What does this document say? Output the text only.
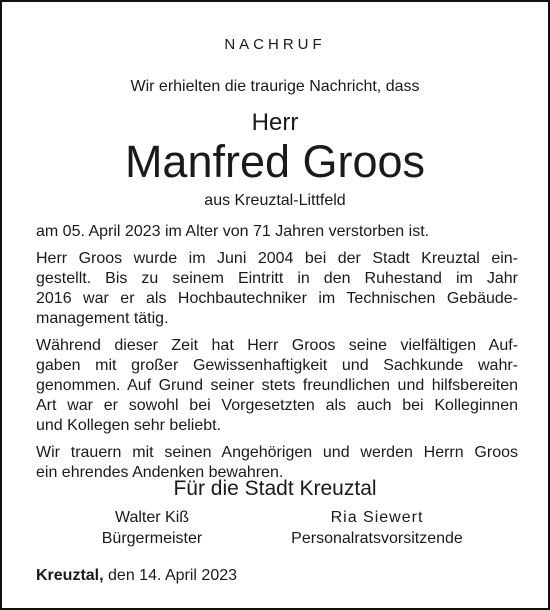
NACHRUF
Wir erhielten die traurige Nachricht, dass
Herr
Manfred Groos
aus Kreuztal-Littfeld

am 05. April 2023 im Alter von 71 Jahren verstorben ist.

Herr Groos wurde im Juni 2004 bei der Stadt Kreuztal ein-
gestellt. Bis zu seinem Eintritt in den Ruhestand im Jahr
2016 war er als Hochbautechniker im Technischen Gebäude-
management tätig.

Während dieser Zeit hat Herr Groos seine vielfältigen Auf-
gaben mit großer Gewissenhaftigkeit und Sachkunde wahr-
genommen. Auf Grund seiner stets freundlichen und hilfsbereiten
Art war er sowohl bei Vorgesetzten als auch bei Kolleginnen
und Kollegen sehr beliebt.

Wir trauern mit seinen Angehörigen und werden Herrn Groos
ein ehrendes Andenken bewahren.

Für die Stadt Kreuztal
Walter Kiß
Bürgermeister
Ria Siewert
Personalratsvorsitzende
Kreuztal, den 14. April 2023
